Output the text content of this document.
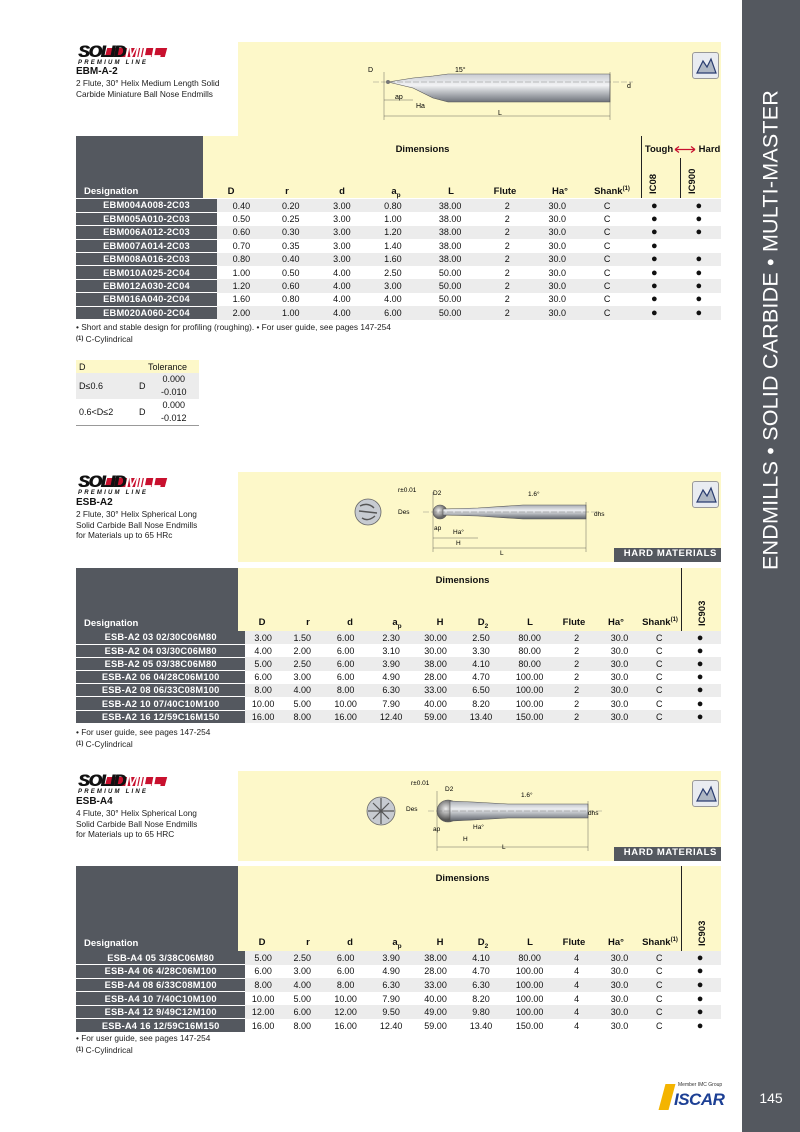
ENDMILLS • SOLID CARBIDE • MULTI-MASTER
145
SOLIDMILL
PREMIUM LINE
EBM-A-2
2 Flute, 30° Helix Medium Length Solid
Carbide Miniature Ball Nose Endmills
D	15°
d
ap
Ha
L
Dimensions	Tough	Hard
Designation	D	r	d	$a_p$	L	Flute	Ha°	Shank$^{(1)}$	IC08	IC900
EBM004A008-2C03	0.40	0.20	3.00	0.80	38.00	2	30.0	C	●	●
EBM005A010-2C03	0.50	0.25	3.00	1.00	38.00	2	30.0	C	●	●
EBM006A012-2C03	0.60	0.30	3.00	1.20	38.00	2	30.0	C	●	●
EBM007A014-2C03	0.70	0.35	3.00	1.40	38.00	2	30.0	C	●	
EBM008A016-2C03	0.80	0.40	3.00	1.60	38.00	2	30.0	C	●	●
EBM010A025-2C04	1.00	0.50	4.00	2.50	50.00	2	30.0	C	●	●
EBM012A030-2C04	1.20	0.60	4.00	3.00	50.00	2	30.0	C	●	●
EBM016A040-2C04	1.60	0.80	4.00	4.00	50.00	2	30.0	C	●	●
EBM020A060-2C04	2.00	1.00	4.00	6.00	50.00	2	30.0	C	●	●
• Short and stable design for profiling (roughing). • For user guide, see pages 147-254
$^{(1)}$ C-Cylindrical
D	Tolerance	
D≤0.6	D	0.000
-0.010

0.6<D≤2	D	0.000
-0.012
SOLIDMILL
PREMIUM LINE
ESB-A2
2 Flute, 30° Helix Spherical Long
Solid Carbide Ball Nose Endmills
for Materials up to 65 HRc
r±0.01	D2	1.6°
Des	dhs
ap
Ha°
H
L	HARD MATERIALS
Dimensions
Designation	D	r	d	$a_p$	H	$D_2$	L	Flute	Ha°	Shank$^{(1)}$	IC903
ESB-A2 03 02/30C06M80	3.00	1.50	6.00	2.30	30.00	2.50	80.00	2	30.0	C	●
ESB-A2 04 03/30C06M80	4.00	2.00	6.00	3.10	30.00	3.30	80.00	2	30.0	C	●
ESB-A2 05 03/38C06M80	5.00	2.50	6.00	3.90	38.00	4.10	80.00	2	30.0	C	●
ESB-A2 06 04/28C06M100	6.00	3.00	6.00	4.90	28.00	4.70	100.00	2	30.0	C	●
ESB-A2 08 06/33C08M100	8.00	4.00	8.00	6.30	33.00	6.50	100.00	2	30.0	C	●
ESB-A2 10 07/40C10M100	10.00	5.00	10.00	7.90	40.00	8.20	100.00	2	30.0	C	●
ESB-A2 16 12/59C16M150	16.00	8.00	16.00	12.40	59.00	13.40	150.00	2	30.0	C	●
• For user guide, see pages 147-254
$^{(1)}$ C-Cylindrical
SOLIDMILL
PREMIUM LINE
ESB-A4
4 Flute, 30° Helix Spherical Long
Solid Carbide Ball Nose Endmills
for Materials up to 65 HRC
r±0.01
D2
1.6°
Des
dhs
ap	Ha°
H
L	HARD MATERIALS
Dimensions
Designation	D	r	d	$a_p$	H	$D_2$	L	Flute	Ha°	Shank$^{(1)}$	IC903
ESB-A4 05 3/38C06M80	5.00	2.50	6.00	3.90	38.00	4.10	80.00	4	30.0	C	●
ESB-A4 06 4/28C06M100	6.00	3.00	6.00	4.90	28.00	4.70	100.00	4	30.0	C	●
ESB-A4 08 6/33C08M100	8.00	4.00	8.00	6.30	33.00	6.30	100.00	4	30.0	C	●
ESB-A4 10 7/40C10M100	10.00	5.00	10.00	7.90	40.00	8.20	100.00	4	30.0	C	●
ESB-A4 12 9/49C12M100	12.00	6.00	12.00	9.50	49.00	9.80	100.00	4	30.0	C	●
ESB-A4 16 12/59C16M150	16.00	8.00	16.00	12.40	59.00	13.40	150.00	4	30.0	C	●
• For user guide, see pages 147-254
$^{(1)}$ C-Cylindrical
Member IMC Group
ISCAR
